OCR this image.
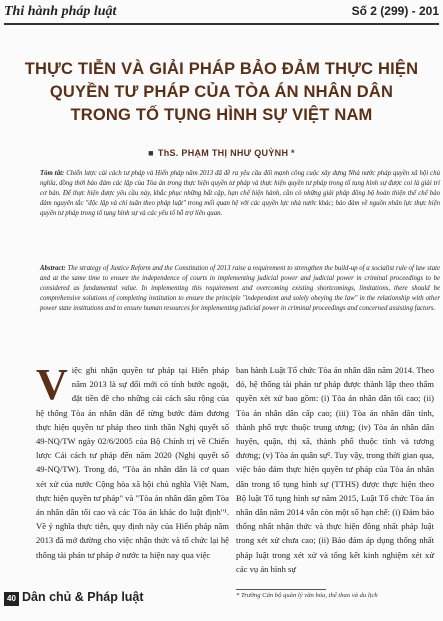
Thi hành pháp luật	Số 2 (299) - 201
THỰC TIỄN VÀ GIẢI PHÁP BẢO ĐẢM THỰC HIỆN
QUYỀN TƯ PHÁP CỦA TÒA ÁN NHÂN DÂN
TRONG TỐ TỤNG HÌNH SỰ VIỆT NAM
■ ThS. PHẠM THỊ NHƯ QUỲNH *
Tóm tắt: Chiến lược cải cách tư pháp và Hiến pháp năm 2013 đã đề ra yêu cầu đổi mạnh công cuộc xây dựng Nhà nước pháp quyền xã hội chủ nghĩa, đồng thời bảo đảm các lập của Tòa án trong thực hiện quyền tư pháp và thực hiện quyền tư pháp trong tố tụng hình sự được coi là giải trí cơ bản. Để thực hiện được yêu cầu này, khắc phục những bất cập, hạn chế hiện hành, cần có những giải pháp đồng bộ hoàn thiện thể chế bảo đảm nguyên tắc "độc lập và chỉ tuân theo pháp luật" trong mối quan hệ với các quyền lực nhà nước khác; bảo đảm về nguồn nhân lực thực hiện quyền tư pháp trong tố tụng hình sự và các yếu tố hỗ trợ liên quan.
Abstract: The strategy of Justice Reform and the Constitution of 2013 raise a requirement to strengthen the build-up of a socialist rule of law state and at the same time to ensure the independence of courts in implementing judicial power and judicial power in criminal proceedings to be considered as fundamental value. In implementing this requirement and overcoming existing shortcomings, limitations, there should be comprehensive solutions of completing institution to ensure the principle "independent and solely obeying the law" in the relationship with other power state institutions and to ensure human resources for implementing judicial power in criminal proceedings and concerned assisting factors.
Việc ghi nhận quyền tư pháp tại Hiến pháp năm 2013 là sự đổi mới có tính bước ngoặt, đặt tiền đề cho những cải cách sâu rộng của hệ thống Tòa án nhân dân để từng bước đảm đương thực hiện quyền tư pháp theo tinh thần Nghị quyết số 49-NQ/TW ngày 02/6/2005 của Bộ Chính trị về Chiến lược Cải cách tư pháp đến năm 2020 (Nghị quyết số 49-NQ/TW). Trong đó, "Tòa án nhân dân là cơ quan xét xử của nước Cộng hòa xã hội chủ nghĩa Việt Nam, thực hiện quyền tư pháp" và "Tòa án nhân dân gồm Tòa án nhân dân tối cao và các Tòa án khác do luật định"¹. Về ý nghĩa thực tiễn, quy định này của Hiến pháp năm 2013 đã mở đường cho việc nhận thức và tổ chức lại hệ thống tài phán tư pháp ở nước ta hiện nay qua việc
ban hành Luật Tổ chức Tòa án nhân dân năm 2014. Theo đó, hệ thống tài phán tư pháp được thành lập theo thẩm quyền xét xử bao gồm: (i) Tòa án nhân dân tối cao; (ii) Tòa án nhân dân cấp cao; (iii) Tòa án nhân dân tỉnh, thành phố trực thuộc trung ương; (iv) Tòa án nhân dân huyện, quận, thị xã, thành phố thuộc tỉnh và tương đương; (v) Tòa án quân sự². Tuy vậy, trong thời gian qua, việc bảo đảm thực hiện quyền tư pháp của Tòa án nhân dân trong tố tụng hình sự (TTHS) được thực hiện theo Bộ luật Tố tụng hình sự năm 2015, Luật Tổ chức Tòa án nhân dân năm 2014 vẫn còn một số hạn chế: (i) Đảm bảo thống nhất nhận thức và thực hiện đồng nhất pháp luật trong xét xử chưa cao; (ii) Bảo đảm áp dụng thống nhất pháp luật trong xét xử và tổng kết kinh nghiệm xét xử các vụ án hình sự
40 Dân chủ & Pháp luật	* Trường Cán bộ quản lý văn hóa, thể thao và du lịch
